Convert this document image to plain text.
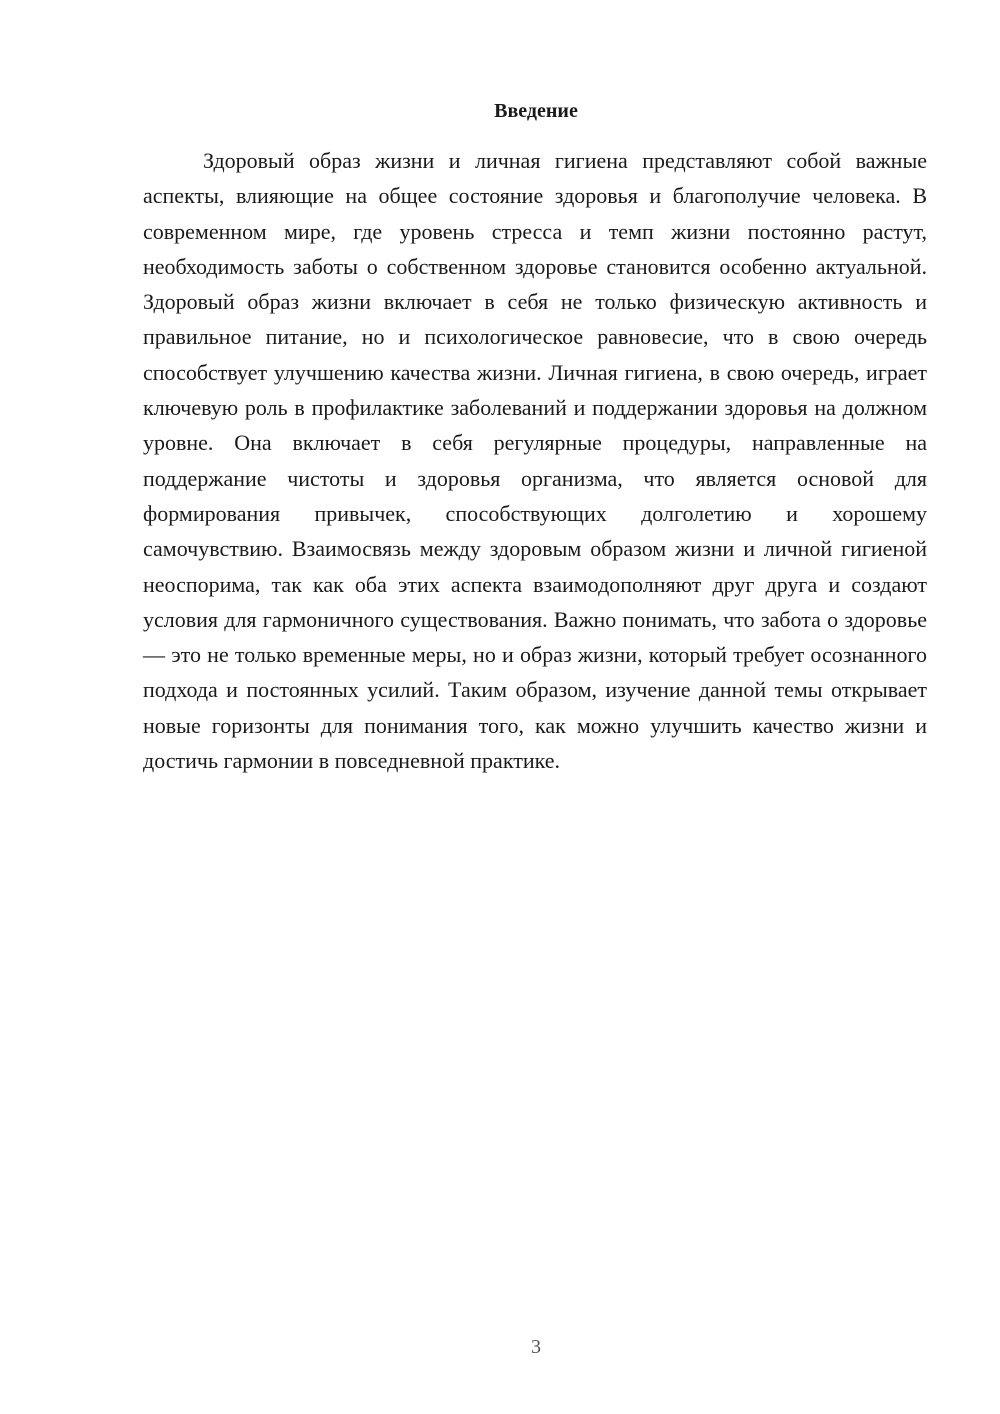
Введение

Здоровый образ жизни и личная гигиена представляют собой важные аспекты, влияющие на общее состояние здоровья и благополучие человека. В современном мире, где уровень стресса и темп жизни постоянно растут, необходимость заботы о собственном здоровье становится особенно актуальной. Здоровый образ жизни включает в себя не только физическую активность и правильное питание, но и психологическое равновесие, что в свою очередь способствует улучшению качества жизни. Личная гигиена, в свою очередь, играет ключевую роль в профилактике заболеваний и поддержании здоровья на должном уровне. Она включает в себя регулярные процедуры, направленные на поддержание чистоты и здоровья организма, что является основой для формирования привычек, способствующих долголетию и хорошему самочувствию. Взаимосвязь между здоровым образом жизни и личной гигиеной неоспорима, так как оба этих аспекта взаимодополняют друг друга и создают условия для гармоничного существования. Важно понимать, что забота о здоровье — это не только временные меры, но и образ жизни, который требует осознанного подхода и постоянных усилий. Таким образом, изучение данной темы открывает новые горизонты для понимания того, как можно улучшить качество жизни и достичь гармонии в повседневной практике.

3
